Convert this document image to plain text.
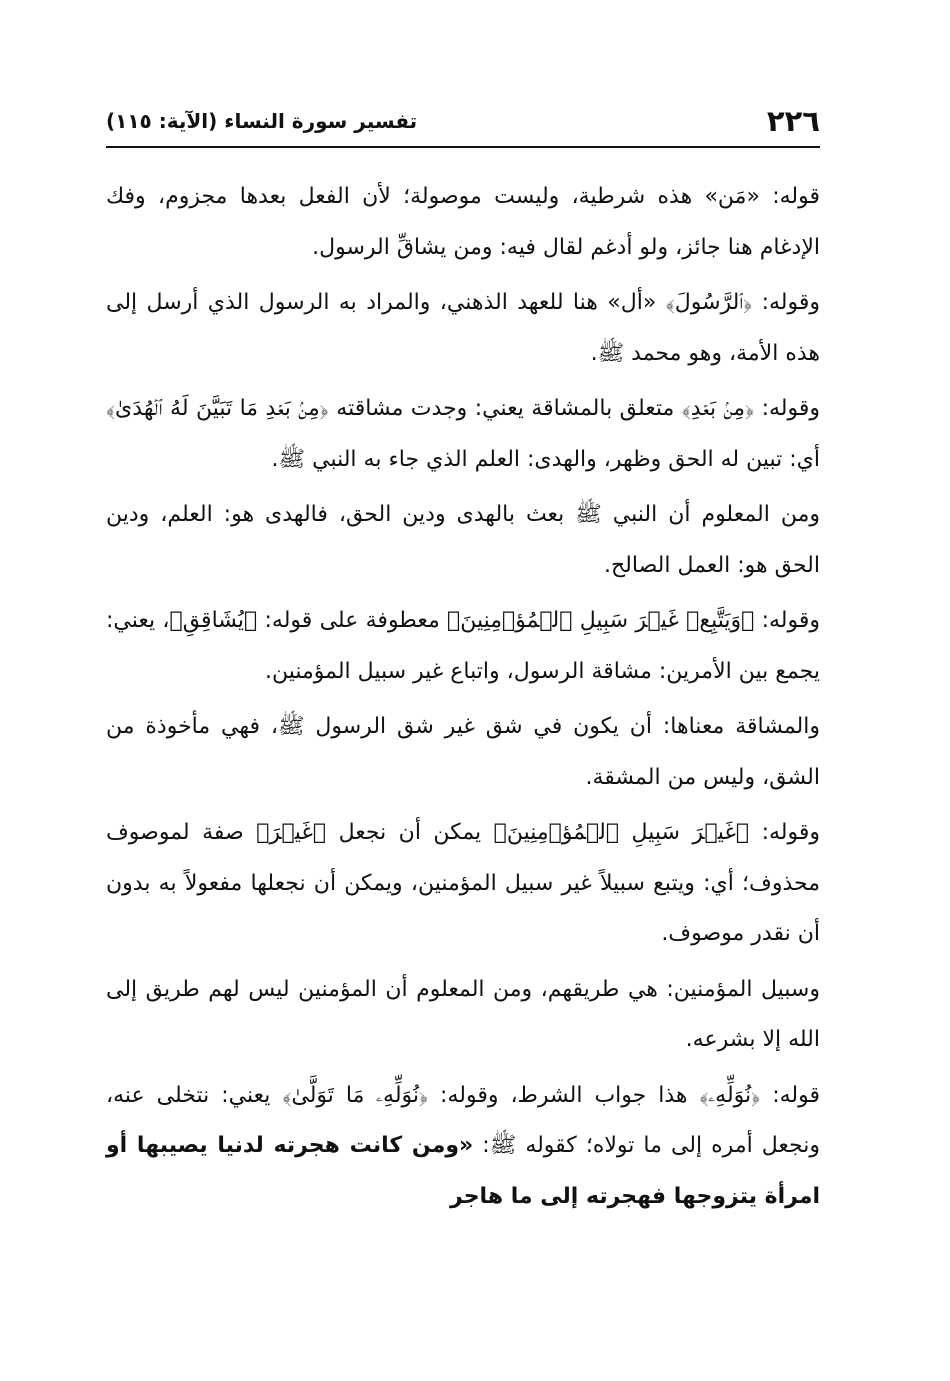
٢٢٦
تفسير سورة النساء (الآية: ١١٥)

قوله: «مَن» هذه شرطية، وليست موصولة؛ لأن الفعل بعدها مجزوم، وفك الإدغام هنا جائز، ولو أدغم لقال فيه: ومن يشاقِّ الرسول.

وقوله: ﴿ٱلرَّسُولَ﴾ «أل» هنا للعهد الذهني، والمراد به الرسول الذي أرسل إلى هذه الأمة، وهو محمد ﷺ.

وقوله: ﴿مِنۢ بَعۡدِ﴾ متعلق بالمشاقة يعني: وجدت مشاقته ﴿مِنۢ بَعۡدِ مَا تَبَيَّنَ لَهُ ٱلۡهُدَىٰ﴾ أي: تبين له الحق وظهر، والهدى: العلم الذي جاء به النبي ﷺ.

ومن المعلوم أن النبي ﷺ بعث بالهدى ودين الحق، فالهدى هو: العلم، ودين الحق هو: العمل الصالح.

وقوله: ﴿وَيَتَّبِعۡ غَيۡرَ سَبِيلِ ٱلۡمُؤۡمِنِينَ﴾ معطوفة على قوله: ﴿يُشَاقِقِ﴾، يعني: يجمع بين الأمرين: مشاقة الرسول، واتباع غير سبيل المؤمنين.

والمشاقة معناها: أن يكون في شق غير شق الرسول ﷺ، فهي مأخوذة من الشق، وليس من المشقة.

وقوله: ﴿غَيۡرَ سَبِيلِ ٱلۡمُؤۡمِنِينَ﴾ يمكن أن نجعل ﴿غَيۡرَ﴾ صفة لموصوف محذوف؛ أي: ويتبع سبيلاً غير سبيل المؤمنين، ويمكن أن نجعلها مفعولاً به بدون أن نقدر موصوف.

وسبيل المؤمنين: هي طريقهم، ومن المعلوم أن المؤمنين ليس لهم طريق إلى الله إلا بشرعه.

قوله: ﴿نُوَلِّهِۦ﴾ هذا جواب الشرط، وقوله: ﴿نُوَلِّهِۦ مَا تَوَلَّىٰ﴾ يعني: نتخلى عنه، ونجعل أمره إلى ما تولاه؛ كقوله ﷺ: «ومن كانت هجرته لدنيا يصيبها أو امرأة يتزوجها فهجرته إلى ما هاجر
